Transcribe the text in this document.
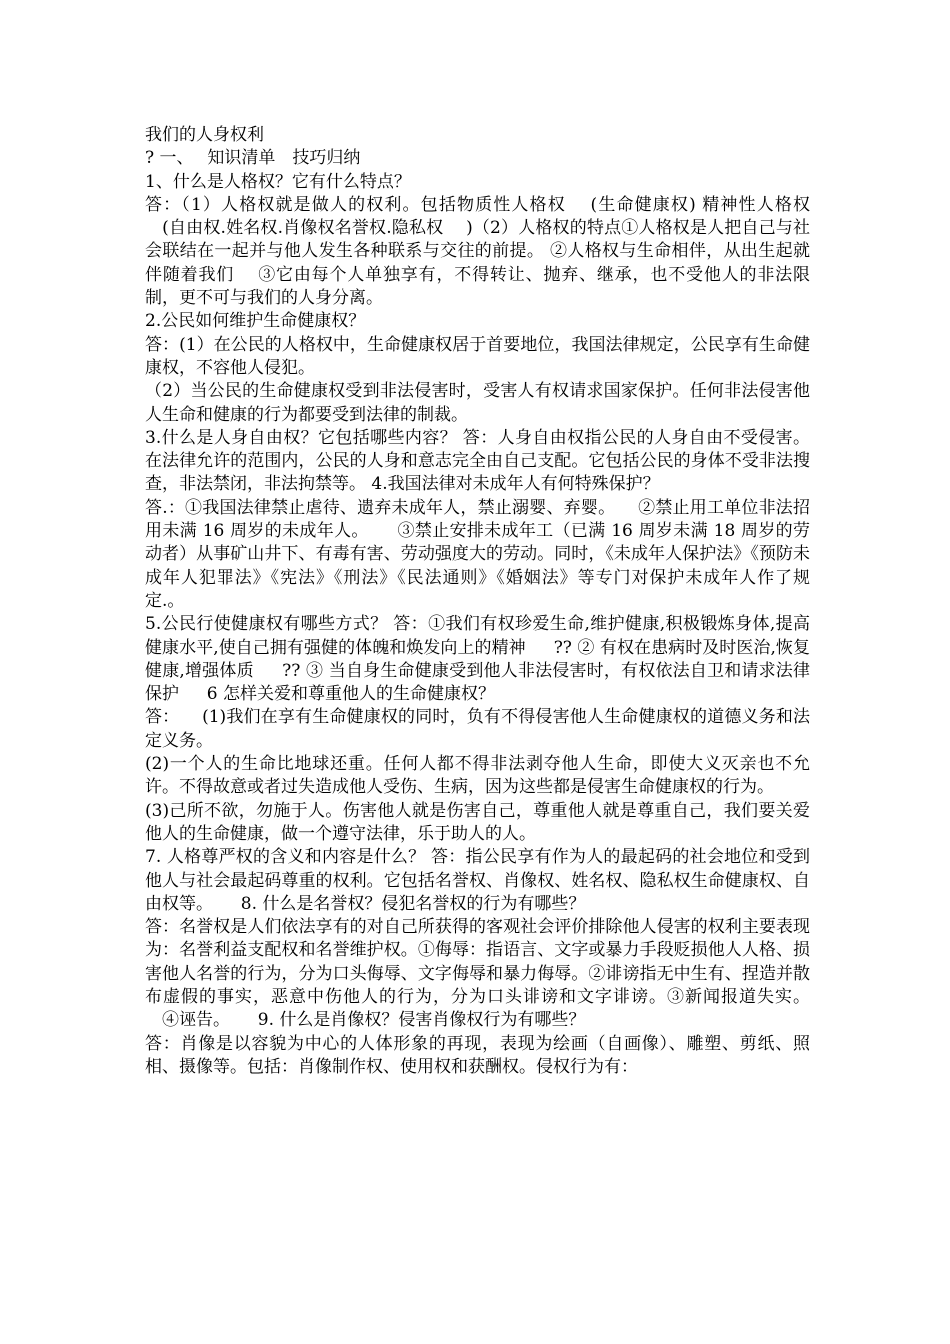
我们的人身权利

? 一、　 知识清单　技巧归纳

1、什么是人格权？它有什么特点？

答：（1）人格权就是做人的权利。包括物质性人格权 　(生命健康权) 精神性人格权 　(自由权.姓名权.肖像权名誉权.隐私权 　)（2）人格权的特点①人格权是人把自己与社会联结在一起并与他人发生各种联系与交往的前提。 ②人格权与生命相伴，从出生起就伴随着我们 　③它由每个人单独享有，不得转让、抛弃、继承，也不受他人的非法限制，更不可与我们的人身分离。

2.公民如何维护生命健康权？

答：(1）在公民的人格权中，生命健康权居于首要地位，我国法律规定，公民享有生命健康权，不容他人侵犯。

（2）当公民的生命健康权受到非法侵害时，受害人有权请求国家保护。任何非法侵害他人生命和健康的行为都要受到法律的制裁。

3.什么是人身自由权？它包括哪些内容？ 答：人身自由权指公民的人身自由不受侵害。在法律允许的范围内，公民的人身和意志完全由自己支配。它包括公民的身体不受非法搜查，非法禁闭，非法拘禁等。 4.我国法律对未成年人有何特殊保护？

答.：①我国法律禁止虐待、遗弃未成年人，禁止溺婴、弃婴。 　②禁止用工单位非法招用未满 16 周岁的未成年人。 　 ③禁止安排未成年工（已满 16 周岁未满 18 周岁的劳动者）从事矿山井下、有毒有害、劳动强度大的劳动。同时，《未成年人保护法》《预防未成年人犯罪法》《宪法》《刑法》《民法通则》《婚姻法》等专门对保护未成年人作了规定.。

5.公民行使健康权有哪些方式？ 答：①我们有权珍爱生命,维护健康,积极锻炼身体,提高健康水平,使自己拥有强健的体魄和焕发向上的精神 　 ?? ② 有权在患病时及时医治,恢复健康,增强体质 　 ?? ③ 当自身生命健康受到他人非法侵害时，有权依法自卫和请求法律保护 　 6 怎样关爱和尊重他人的生命健康权？

答： 　(1)我们在享有生命健康权的同时，负有不得侵害他人生命健康权的道德义务和法定义务。

(2)一个人的生命比地球还重。任何人都不得非法剥夺他人生命，即使大义灭亲也不允许。不得故意或者过失造成他人受伤、生病，因为这些都是侵害生命健康权的行为。

(3)己所不欲，勿施于人。伤害他人就是伤害自己，尊重他人就是尊重自己，我们要关爱他人的生命健康，做一个遵守法律，乐于助人的人。

7. 人格尊严权的含义和内容是什么？ 答：指公民享有作为人的最起码的社会地位和受到他人与社会最起码尊重的权利。它包括名誉权、肖像权、姓名权、隐私权生命健康权、自由权等。 　 8. 什么是名誉权？侵犯名誉权的行为有哪些？

答：名誉权是人们依法享有的对自己所获得的客观社会评价排除他人侵害的权利主要表现为：名誉利益支配权和名誉维护权。①侮辱：指语言、文字或暴力手段贬损他人人格、损害他人名誉的行为，分为口头侮辱、文字侮辱和暴力侮辱。②诽谤指无中生有、捏造并散布虚假的事实，恶意中伤他人的行为，分为口头诽谤和文字诽谤。③新闻报道失实。 　④诬告。 　 9. 什么是肖像权？侵害肖像权行为有哪些？

答：肖像是以容貌为中心的人体形象的再现，表现为绘画（自画像）、雕塑、剪纸、照相、摄像等。包括：肖像制作权、使用权和获酬权。侵权行为有：
